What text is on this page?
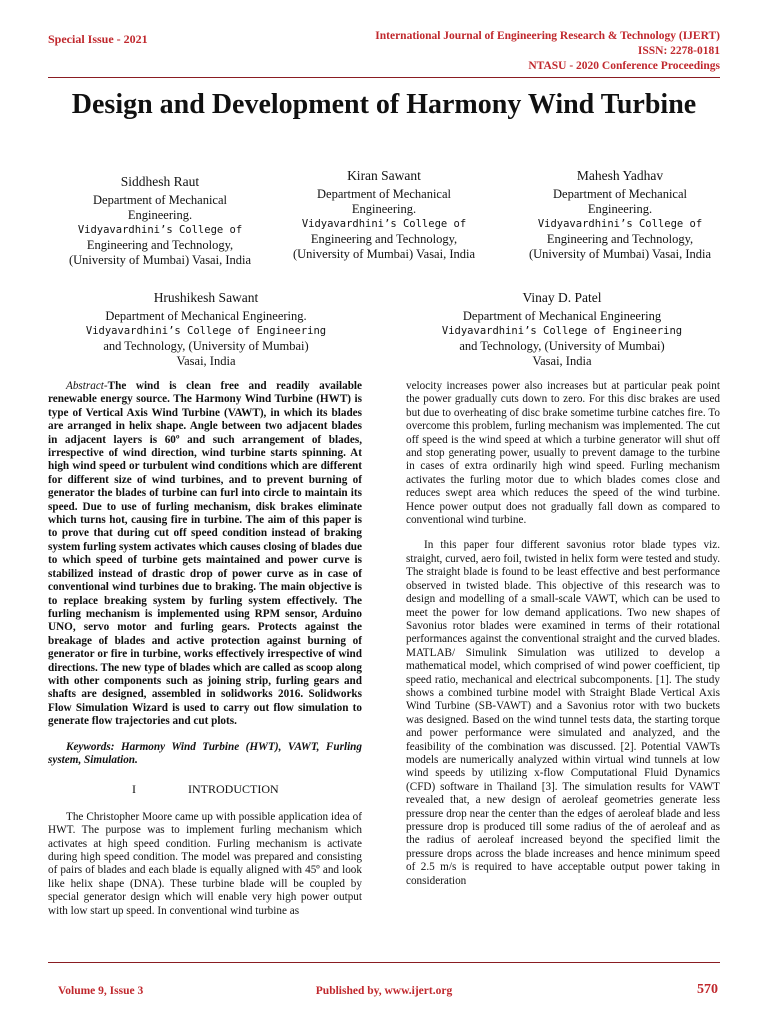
Special Issue - 2021	International Journal of Engineering Research & Technology (IJERT)
ISSN: 2278-0181
NTASU - 2020 Conference Proceedings
Design and Development of Harmony Wind Turbine
Siddhesh Raut
Department of Mechanical
Engineering.
Vidyavardhini’s College of
Engineering and Technology,
(University of Mumbai) Vasai, India
Kiran Sawant
Department of Mechanical
Engineering.
Vidyavardhini’s College of
Engineering and Technology,
(University of Mumbai) Vasai, India
Mahesh Yadhav
Department of Mechanical
Engineering.
Vidyavardhini’s College of
Engineering and Technology,
(University of Mumbai) Vasai, India
Hrushikesh Sawant
Department of Mechanical Engineering.
Vidyavardhini’s College of Engineering
and Technology, (University of Mumbai)
Vasai, India
Vinay D. Patel
Department of Mechanical Engineering
Vidyavardhini’s College of Engineering
and Technology, (University of Mumbai)
Vasai, India

Abstract-The wind is clean free and readily available renewable energy source. The Harmony Wind Turbine (HWT) is type of Vertical Axis Wind Turbine (VAWT), in which its blades are arranged in helix shape. Angle between two adjacent blades in adjacent layers is 60º and such arrangement of blades, irrespective of wind direction, wind turbine starts spinning. At high wind speed or turbulent wind conditions which are different for different size of wind turbines, and to prevent burning of generator the blades of turbine can furl into circle to maintain its speed. Due to use of furling mechanism, disk brakes eliminate which turns hot, causing fire in turbine. The aim of this paper is to prove that during cut off speed condition instead of braking system furling system activates which causes closing of blades due to which speed of turbine gets maintained and power curve is stabilized instead of drastic drop of power curve as in case of conventional wind turbines due to braking. The main objective is to replace breaking system by furling system effectively. The furling mechanism is implemented using RPM sensor, Arduino UNO, servo motor and furling gears. Protects against the breakage of blades and active protection against burning of generator or fire in turbine, works effectively irrespective of wind directions. The new type of blades which are called as scoop along with other components such as joining strip, furling gears and shafts are designed, assembled in solidworks 2016. Solidworks Flow Simulation Wizard is used to carry out flow simulation to generate flow trajectories and cut plots.

Keywords: Harmony Wind Turbine (HWT), VAWT, Furling system, Simulation.

I	INTRODUCTION

The Christopher Moore came up with possible application idea of HWT. The purpose was to implement furling mechanism which activates at high speed condition. Furling mechanism is activate during high speed condition. The model was prepared and consisting of pairs of blades and each blade is equally aligned with 45º and look like helix shape (DNA). These turbine blade will be coupled by special generator design which will enable very high power output with low start up speed. In conventional wind turbine as

velocity increases power also increases but at particular peak point the power gradually cuts down to zero. For this disc brakes are used but due to overheating of disc brake sometime turbine catches fire. To overcome this problem, furling mechanism was implemented. The cut off speed is the wind speed at which a turbine generator will shut off and stop generating power, usually to prevent damage to the turbine in cases of extra ordinarily high wind speed. Furling mechanism activates the furling motor due to which blades comes close and reduces swept area which reduces the speed of the wind turbine. Hence power output does not gradually fall down as compared to conventional wind turbine.

In this paper four different savonius rotor blade types viz. straight, curved, aero foil, twisted in helix form were tested and study. The straight blade is found to be least effective and best performance observed in twisted blade. This objective of this research was to design and modelling of a small-scale VAWT, which can be used to meet the power for low demand applications. Two new shapes of Savonius rotor blades were examined in terms of their rotational performances against the conventional straight and the curved blades. MATLAB/ Simulink Simulation was utilized to develop a mathematical model, which comprised of wind power coefficient, tip speed ratio, mechanical and electrical subcomponents. [1]. The study shows a combined turbine model with Straight Blade Vertical Axis Wind Turbine (SB-VAWT) and a Savonius rotor with two buckets was designed. Based on the wind tunnel tests data, the starting torque and power performance were simulated and analyzed, and the feasibility of the combination was discussed. [2]. Potential VAWTs models are numerically analyzed within virtual wind tunnels at low wind speeds by utilizing x-flow Computational Fluid Dynamics (CFD) software in Thailand [3]. The simulation results for VAWT revealed that, a new design of aeroleaf geometries generate less pressure drop near the center than the edges of aeroleaf blade and less pressure drop is produced till some radius of the of aeroleaf and as the radius of aeroleaf increased beyond the specified limit the pressure drops across the blade increases and hence minimum speed of 2.5 m/s is required to have acceptable output power taking in consideration

Volume 9, Issue 3	Published by, www.ijert.org	570
